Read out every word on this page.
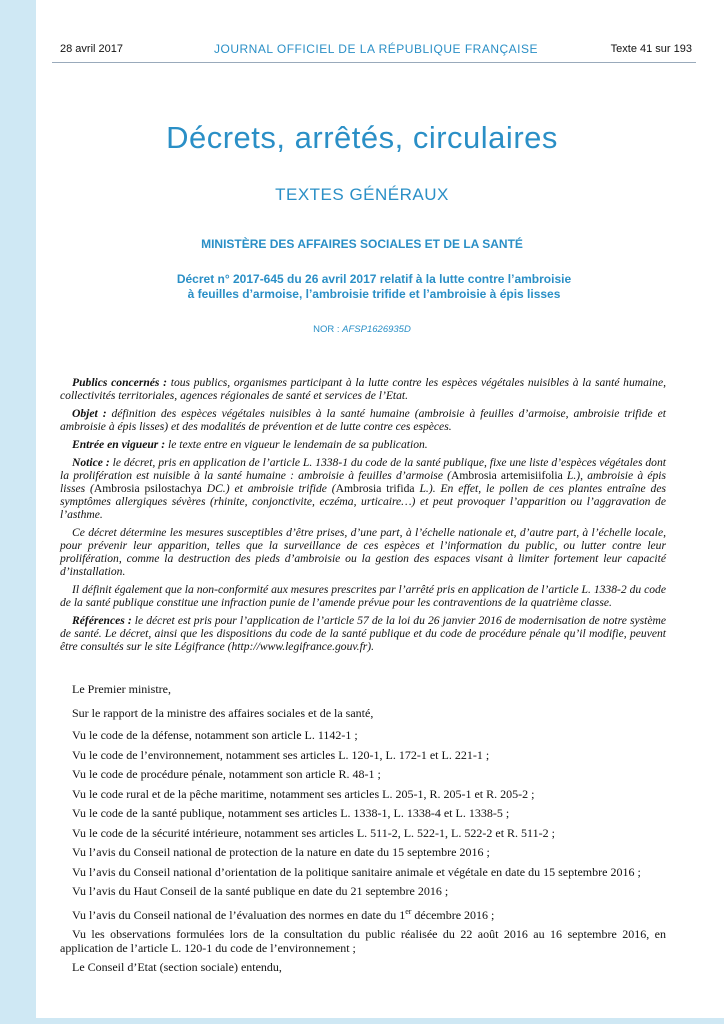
28 avril 2017	JOURNAL OFFICIEL DE LA RÉPUBLIQUE FRANÇAISE	Texte 41 sur 193
Décrets, arrêtés, circulaires
TEXTES GÉNÉRAUX
MINISTÈRE DES AFFAIRES SOCIALES ET DE LA SANTÉ
Décret n° 2017-645 du 26 avril 2017 relatif à la lutte contre l’ambroisie
à feuilles d’armoise, l’ambroisie trifide et l’ambroisie à épis lisses
NOR : AFSP1626935D

Publics concernés : tous publics, organismes participant à la lutte contre les espèces végétales nuisibles à la santé humaine, collectivités territoriales, agences régionales de santé et services de l’Etat.

Objet : définition des espèces végétales nuisibles à la santé humaine (ambroisie à feuilles d’armoise, ambroisie trifide et ambroisie à épis lisses) et des modalités de prévention et de lutte contre ces espèces.

Entrée en vigueur : le texte entre en vigueur le lendemain de sa publication.

Notice : le décret, pris en application de l’article L. 1338-1 du code de la santé publique, fixe une liste d’espèces végétales dont la prolifération est nuisible à la santé humaine : ambroisie à feuilles d’armoise (Ambrosia artemisiifolia L.), ambroisie à épis lisses (Ambrosia psilostachya DC.) et ambroisie trifide (Ambrosia trifida L.). En effet, le pollen de ces plantes entraîne des symptômes allergiques sévères (rhinite, conjonctivite, eczéma, urticaire…) et peut provoquer l’apparition ou l’aggravation de l’asthme.

Ce décret détermine les mesures susceptibles d’être prises, d’une part, à l’échelle nationale et, d’autre part, à l’échelle locale, pour prévenir leur apparition, telles que la surveillance de ces espèces et l’information du public, ou lutter contre leur prolifération, comme la destruction des pieds d’ambroisie ou la gestion des espaces visant à limiter fortement leur capacité d’installation.

Il définit également que la non-conformité aux mesures prescrites par l’arrêté pris en application de l’article L. 1338-2 du code de la santé publique constitue une infraction punie de l’amende prévue pour les contraventions de la quatrième classe.

Références : le décret est pris pour l’application de l’article 57 de la loi du 26 janvier 2016 de modernisation de notre système de santé. Le décret, ainsi que les dispositions du code de la santé publique et du code de procédure pénale qu’il modifie, peuvent être consultés sur le site Légifrance (http://www.legifrance.gouv.fr).

Le Premier ministre,

Sur le rapport de la ministre des affaires sociales et de la santé,

Vu le code de la défense, notamment son article L. 1142-1 ;

Vu le code de l’environnement, notamment ses articles L. 120-1, L. 172-1 et L. 221-1 ;

Vu le code de procédure pénale, notamment son article R. 48-1 ;

Vu le code rural et de la pêche maritime, notamment ses articles L. 205-1, R. 205-1 et R. 205-2 ;

Vu le code de la santé publique, notamment ses articles L. 1338-1, L. 1338-4 et L. 1338-5 ;

Vu le code de la sécurité intérieure, notamment ses articles L. 511-2, L. 522-1, L. 522-2 et R. 511-2 ;

Vu l’avis du Conseil national de protection de la nature en date du 15 septembre 2016 ;

Vu l’avis du Conseil national d’orientation de la politique sanitaire animale et végétale en date du 15 septembre 2016 ;

Vu l’avis du Haut Conseil de la santé publique en date du 21 septembre 2016 ;

Vu l’avis du Conseil national de l’évaluation des normes en date du 1er décembre 2016 ;

Vu les observations formulées lors de la consultation du public réalisée du 22 août 2016 au 16 septembre 2016, en application de l’article L. 120-1 du code de l’environnement ;

Le Conseil d’Etat (section sociale) entendu,
